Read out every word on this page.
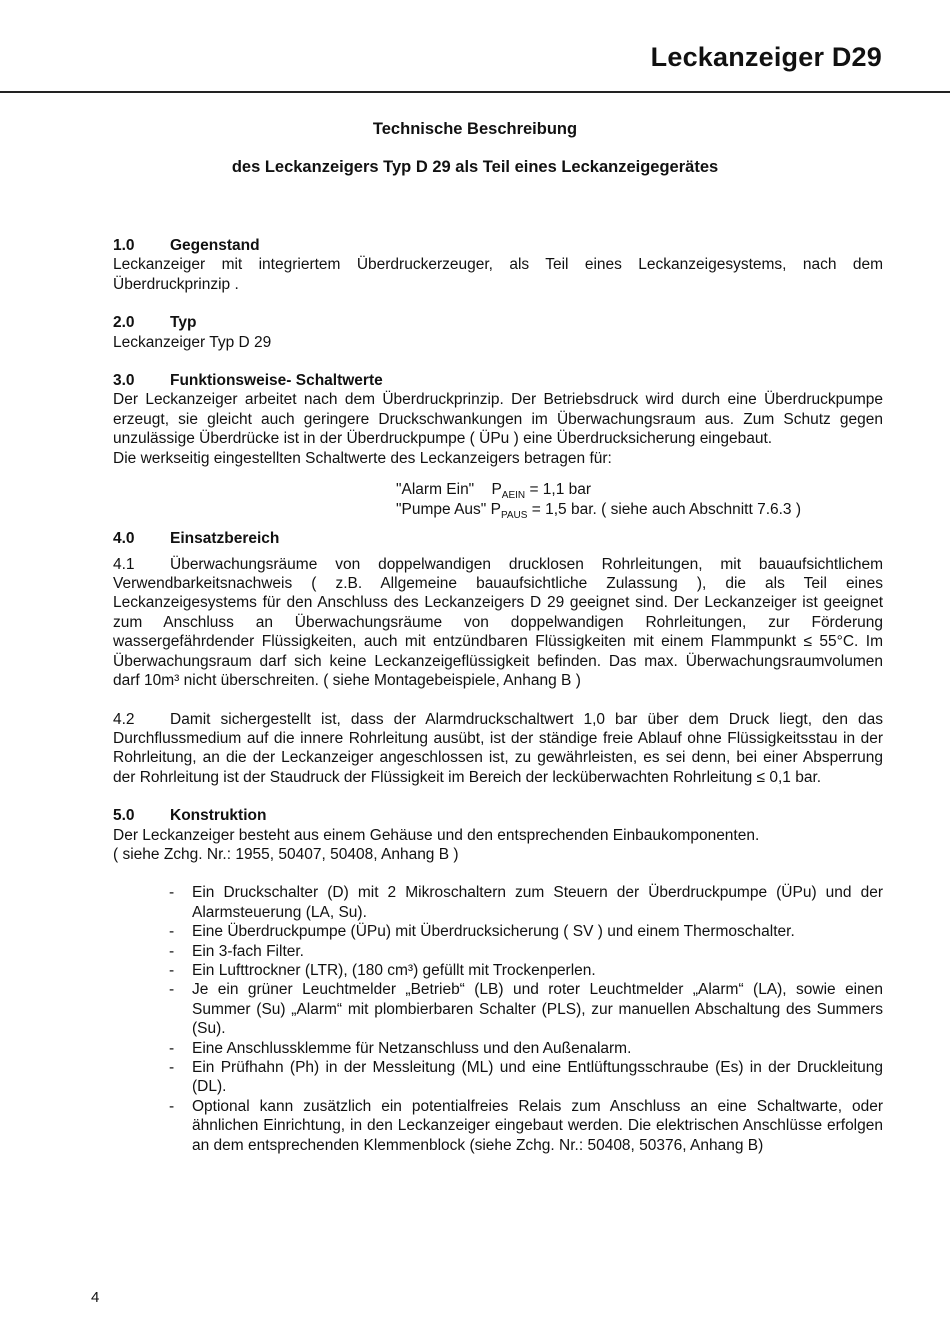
Leckanzeiger D29
Technische Beschreibung
des Leckanzeigers Typ D 29 als Teil eines Leckanzeigegerätes

1.0 Gegenstand

Leckanzeiger mit integriertem Überdruckerzeuger, als Teil eines Leckanzeigesystems, nach dem Überdruckprinzip .

2.0 Typ

Leckanzeiger Typ D 29

3.0 Funktionsweise- Schaltwerte

Der Leckanzeiger arbeitet nach dem Überdruckprinzip. Der Betriebsdruck wird durch eine Überdruckpumpe erzeugt, sie gleicht auch geringere Druckschwankungen im Überwachungsraum aus. Zum Schutz gegen unzulässige Überdrücke ist in der Überdruckpumpe ( ÜPu ) eine Überdrucksicherung eingebaut.

Die werkseitig eingestellten Schaltwerte des Leckanzeigers betragen für:

"Alarm Ein" $P_{AEIN} = 1,1$ bar
"Pumpe Aus" $P_{PAUS} = 1,5$ bar. ( siehe auch Abschnitt 7.6.3 )

4.0 Einsatzbereich

4.1 Überwachungsräume von doppelwandigen drucklosen Rohrleitungen, mit bauaufsichtlichem Verwendbarkeitsnachweis ( z.B. Allgemeine bauaufsichtliche Zulassung ), die als Teil eines Leckanzeigesystems für den Anschluss des Leckanzeigers D 29 geeignet sind. Der Leckanzeiger ist geeignet zum Anschluss an Überwachungsräume von doppelwandigen Rohrleitungen, zur Förderung wassergefährdender Flüssigkeiten, auch mit entzündbaren Flüssigkeiten mit einem Flammpunkt ≤ 55°C. Im Überwachungsraum darf sich keine Leckanzeigeflüssigkeit befinden. Das max. Überwachungsraumvolumen darf 10m³ nicht überschreiten. ( siehe Montagebeispiele, Anhang B )

4.2 Damit sichergestellt ist, dass der Alarmdruckschaltwert 1,0 bar über dem Druck liegt, den das Durchflussmedium auf die innere Rohrleitung ausübt, ist der ständige freie Ablauf ohne Flüssigkeitsstau in der Rohrleitung, an die der Leckanzeiger angeschlossen ist, zu gewährleisten, es sei denn, bei einer Absperrung der Rohrleitung ist der Staudruck der Flüssigkeit im Bereich der lecküberwachten Rohrleitung ≤ 0,1 bar.

5.0 Konstruktion

Der Leckanzeiger besteht aus einem Gehäuse und den entsprechenden Einbaukomponenten.

( siehe Zchg. Nr.: 1955, 50407, 50408, Anhang B )

- Ein Druckschalter (D) mit 2 Mikroschaltern zum Steuern der Überdruckpumpe (ÜPu) und der Alarmsteuerung (LA, Su).
- Eine Überdruckpumpe (ÜPu) mit Überdrucksicherung ( SV ) und einem Thermoschalter.
- Ein 3-fach Filter.
- Ein Lufttrockner (LTR), (180 cm³) gefüllt mit Trockenperlen.
- Je ein grüner Leuchtmelder „Betrieb“ (LB) und roter Leuchtmelder „Alarm“ (LA), sowie einen Summer (Su) „Alarm“ mit plombierbaren Schalter (PLS), zur manuellen Abschaltung des Summers (Su).
- Eine Anschlussklemme für Netzanschluss und den Außenalarm.
- Ein Prüfhahn (Ph) in der Messleitung (ML) und eine Entlüftungsschraube (Es) in der Druckleitung (DL).
- Optional kann zusätzlich ein potentialfreies Relais zum Anschluss an eine Schaltwarte, oder ähnlichen Einrichtung, in den Leckanzeiger eingebaut werden. Die elektrischen Anschlüsse erfolgen an dem entsprechenden Klemmenblock (siehe Zchg. Nr.: 50408, 50376, Anhang B)
4
